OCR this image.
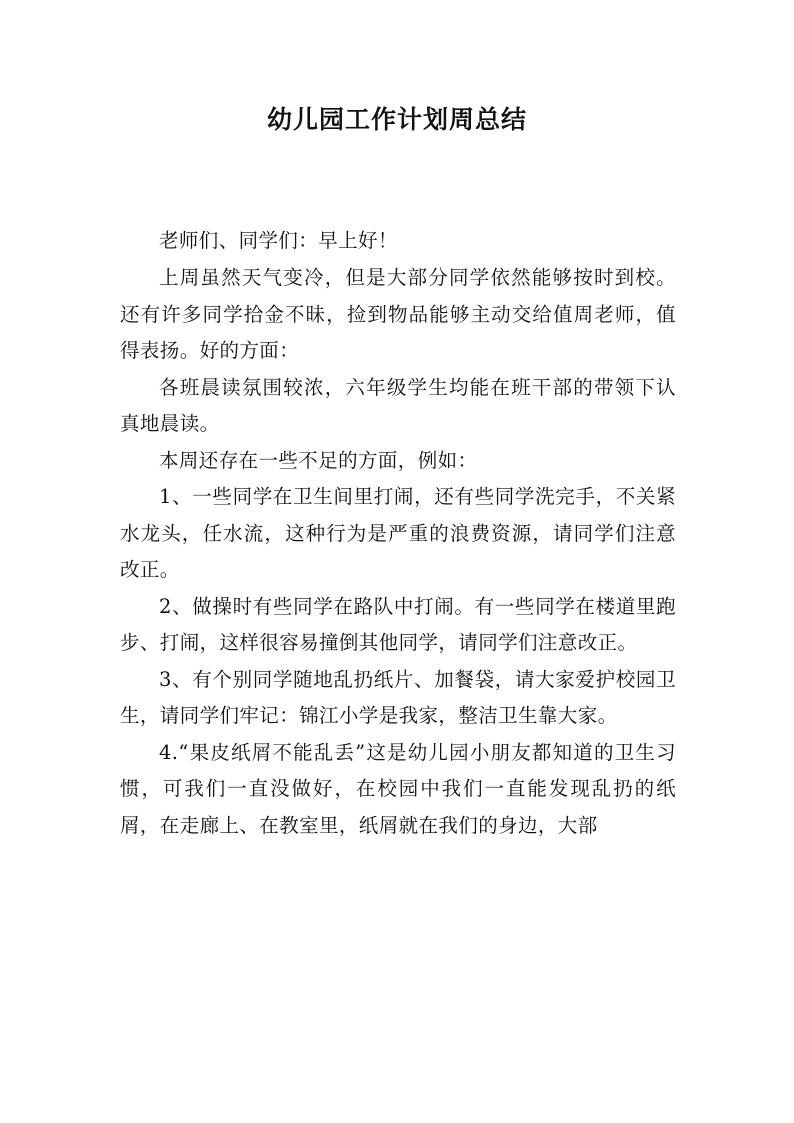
幼儿园工作计划周总结

老师们、同学们：早上好！

上周虽然天气变冷，但是大部分同学依然能够按时到校。还有许多同学拾金不昧，捡到物品能够主动交给值周老师，值得表扬。好的方面：

各班晨读氛围较浓，六年级学生均能在班干部的带领下认真地晨读。

本周还存在一些不足的方面，例如：

1、一些同学在卫生间里打闹，还有些同学洗完手，不关紧水龙头，任水流，这种行为是严重的浪费资源，请同学们注意改正。

2、做操时有些同学在路队中打闹。有一些同学在楼道里跑步、打闹，这样很容易撞倒其他同学，请同学们注意改正。

3、有个别同学随地乱扔纸片、加餐袋，请大家爱护校园卫生，请同学们牢记：锦江小学是我家，整洁卫生靠大家。

4.“果皮纸屑不能乱丢”这是幼儿园小朋友都知道的卫生习惯，可我们一直没做好，在校园中我们一直能发现乱扔的纸屑，在走廊上、在教室里，纸屑就在我们的身边，大部
